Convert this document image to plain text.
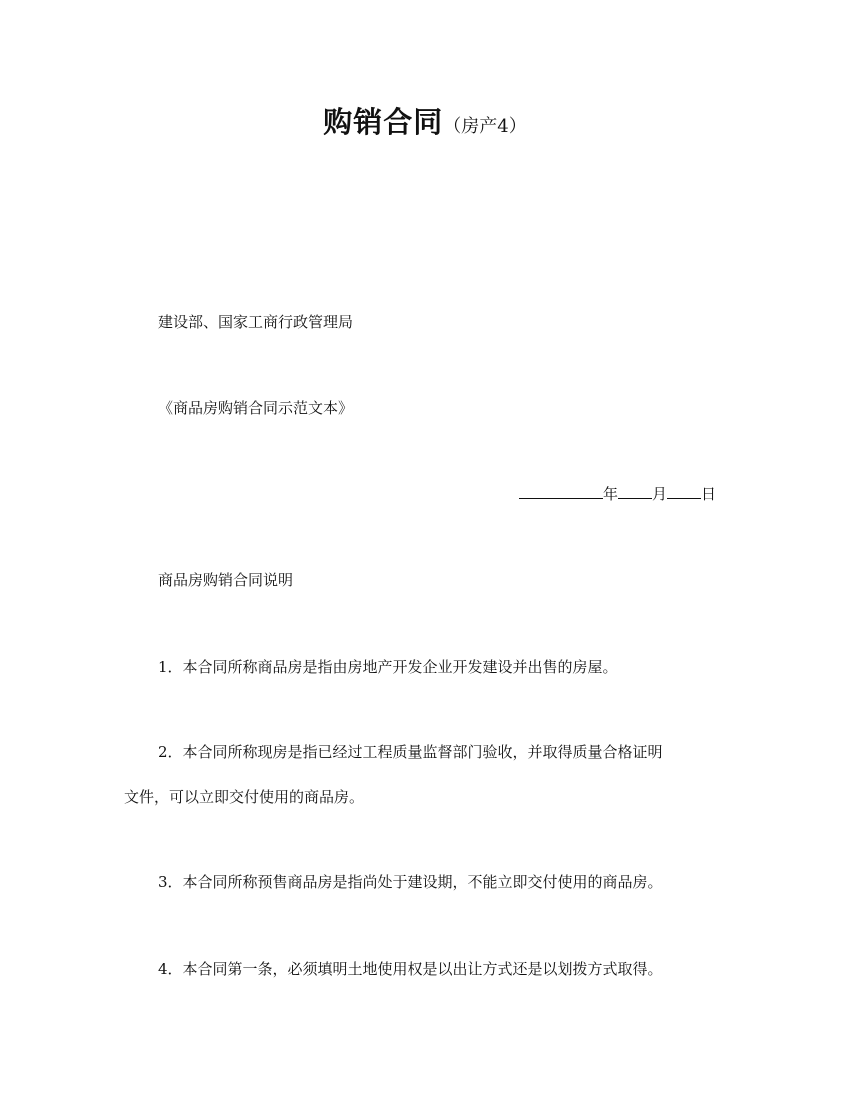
购销合同（房产4）
建设部、国家工商行政管理局
《商品房购销合同示范文本》
年 月 日
商品房购销合同说明
1．本合同所称商品房是指由房地产开发企业开发建设并出售的房屋。
2．本合同所称现房是指已经过工程质量监督部门验收，并取得质量合格证明
文件，可以立即交付使用的商品房。
3．本合同所称预售商品房是指尚处于建设期，不能立即交付使用的商品房。
4．本合同第一条，必须填明土地使用权是以出让方式还是以划拨方式取得。
